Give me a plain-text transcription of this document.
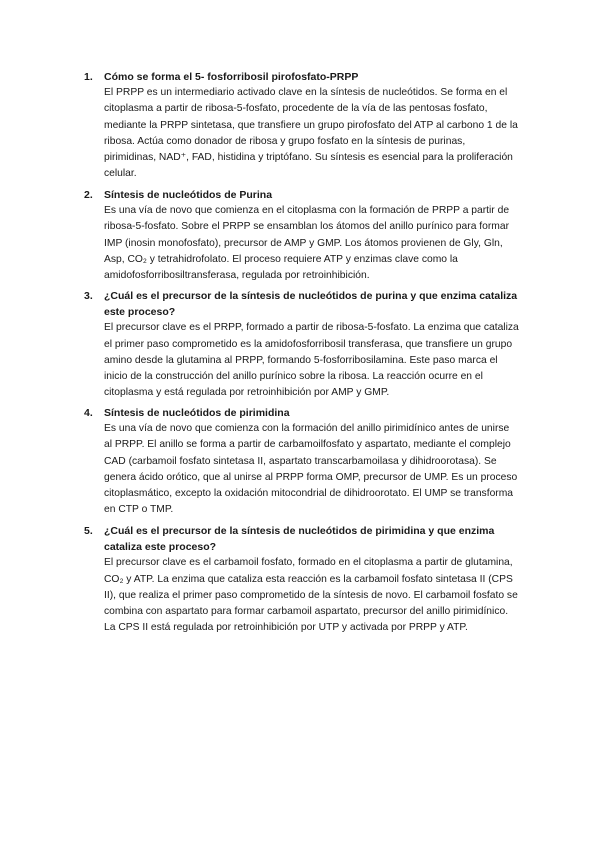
1. Cómo se forma el 5- fosforribosil pirofosfato-PRPP

El PRPP es un intermediario activado clave en la síntesis de nucleótidos. Se forma en el citoplasma a partir de ribosa-5-fosfato, procedente de la vía de las pentosas fosfato, mediante la PRPP sintetasa, que transfiere un grupo pirofosfato del ATP al carbono 1 de la ribosa. Actúa como donador de ribosa y grupo fosfato en la síntesis de purinas, pirimidinas, NAD⁺, FAD, histidina y triptófano. Su síntesis es esencial para la proliferación celular.

2. Síntesis de nucleótidos de Purina

Es una vía de novo que comienza en el citoplasma con la formación de PRPP a partir de ribosa-5-fosfato. Sobre el PRPP se ensamblan los átomos del anillo purínico para formar IMP (inosin monofosfato), precursor de AMP y GMP. Los átomos provienen de Gly, Gln, Asp, CO₂ y tetrahidrofolato. El proceso requiere ATP y enzimas clave como la amidofosforribosiltransferasa, regulada por retroinhibición.

3. ¿Cuál es el precursor de la síntesis de nucleótidos de purina y que enzima cataliza este proceso?

El precursor clave es el PRPP, formado a partir de ribosa-5-fosfato. La enzima que cataliza el primer paso comprometido es la amidofosforribosil transferasa, que transfiere un grupo amino desde la glutamina al PRPP, formando 5-fosforribosilamina. Este paso marca el inicio de la construcción del anillo purínico sobre la ribosa. La reacción ocurre en el citoplasma y está regulada por retroinhibición por AMP y GMP.

4. Síntesis de nucleótidos de pirimidina

Es una vía de novo que comienza con la formación del anillo pirimidínico antes de unirse al PRPP. El anillo se forma a partir de carbamoilfosfato y aspartato, mediante el complejo CAD (carbamoil fosfato sintetasa II, aspartato transcarbamoilasa y dihidroorotasa). Se genera ácido orótico, que al unirse al PRPP forma OMP, precursor de UMP. Es un proceso citoplasmático, excepto la oxidación mitocondrial de dihidroorotato. El UMP se transforma en CTP o TMP.

5. ¿Cuál es el precursor de la síntesis de nucleótidos de pirimidina y que enzima cataliza este proceso?

El precursor clave es el carbamoil fosfato, formado en el citoplasma a partir de glutamina, CO₂ y ATP. La enzima que cataliza esta reacción es la carbamoil fosfato sintetasa II (CPS II), que realiza el primer paso comprometido de la síntesis de novo. El carbamoil fosfato se combina con aspartato para formar carbamoil aspartato, precursor del anillo pirimidínico. La CPS II está regulada por retroinhibición por UTP y activada por PRPP y ATP.
